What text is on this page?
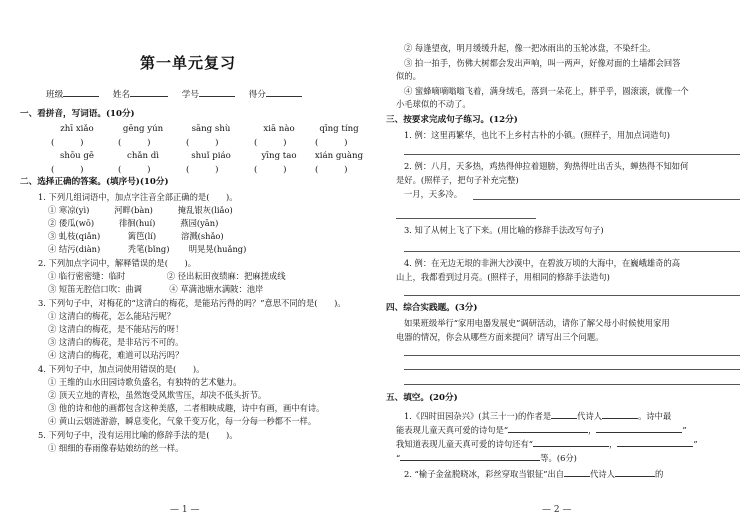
第一单元复习
班级	姓名	学号	得分
一、看拼音，写词语。(10分)
zhī xiǎo	gēng yún	sāng shù	xiā nào	qīng tíng
(　　　)	(　　　)	(　　　)	(　　　)	(　　　)
shōu gē	chǎn dì	shuǐ piáo	yīng tao	xián guàng
(　　　)	(　　　)	(　　　)	(　　　)	(　　　)
二、选择正确的答案。(填序号)(10分)
1. 下列几组词语中，加点字注音全部正确的是(　　)。
① 寒凉(yì)　　　河畔(bàn)　　　掩乱银灰(liǎo)
② 倭瓜(wō)　　　徘徊(huí)　　　燕园(yān)
③ 虬枝(qiǎn)　　　 篱笆(lí)　　　溶溅(shǎo)
④ 结污(diàn)　　　 秃笔(bǐng)　　 明晃晃(huǎng)
2. 下列加点字词中，解释错误的是(　　)。
① 临行密密缝：临时　　　　　② 径出耘田夜绩麻：把麻搓成线
③ 短笛无腔信口吹：曲调　　　 ④ 草满池塘水满陂：池岸
3. 下列句子中，对梅花的“这清白的梅花，是能玷污得的吗？”意思不同的是(　　)。
① 这清白的梅花，怎么能玷污呢？
② 这清白的梅花，是不能玷污的呀！
③ 这清白的梅花，是非玷污不可的。
④ 这清白的梅花，难道可以玷污吗？
4. 下列句子中，加点词使用错误的是(　　)。
① 王维的山水田园诗歌负盛名，有独特的艺术魅力。
② 顶天立地的青松，虽然饱受风欺雪压，却决不低头折节。
③ 他的诗和他的画都包含这种美感，二者相映成趣，诗中有画，画中有诗。
④ 黄山云烟涟游游，瞬息变化，气象千变万化，每一分每一秒都不一样。
5. 下列句子中，没有运用比喻的修辞手法的是(　　)。
① 细细的春雨像春姑娘纺的丝一样。
— 1 —
② 每逢望夜，明月缓缓升起，像一把冰雨出的玉轮冰盘，不染纤尘。
③ 拍一拍手，伤佛大树都会发出声响，叫一两声，好像对面的土墙都会回答
似的。
④ 蜜蜂嘀嘀嗡嗡飞着，满身绒毛，落到一朵花上，胖乎乎，圆滚滚，就像一个
小毛球似的不动了。
三、按要求完成句子练习。(12分)
1. 例：这里再繁华，也比不上乡村古朴的小镇。(照样子，用加点词造句)
2. 例：八月，天多热，鸡热得伸拉着翅膀，狗热得吐出舌头，蝉热得不知如何
是好。(照样子，把句子补充完整)
一月，天多冷。
3. 知了从树上飞了下来。(用比喻的修辞手法改写句子)
4. 例：在无边无垠的非洲大沙漠中，在碧波万顷的大海中，在巍峨雄奇的高
山上，我都看到过月亮。(照样子，用相同的修辞手法造句)
四、综合实践题。(3分)
如果班级举行“家用电器发展史”调研活动，请你了解父母小时候使用家用
电器的情况，你会从哪些方面来提问？请写出三个问题。
五、填空。(20分)
1.《四时田园杂兴》(其三十一)的作者是	代诗人	。诗中最
能表现儿童天真可爱的诗句是“	，	”
我知道表现儿童天真可爱的诗句还有“	，	”
“	等。(6分)
2. “榆子金盆脱晓冰，彩丝穿取当银钲”出自	代诗人	的
— 2 —
